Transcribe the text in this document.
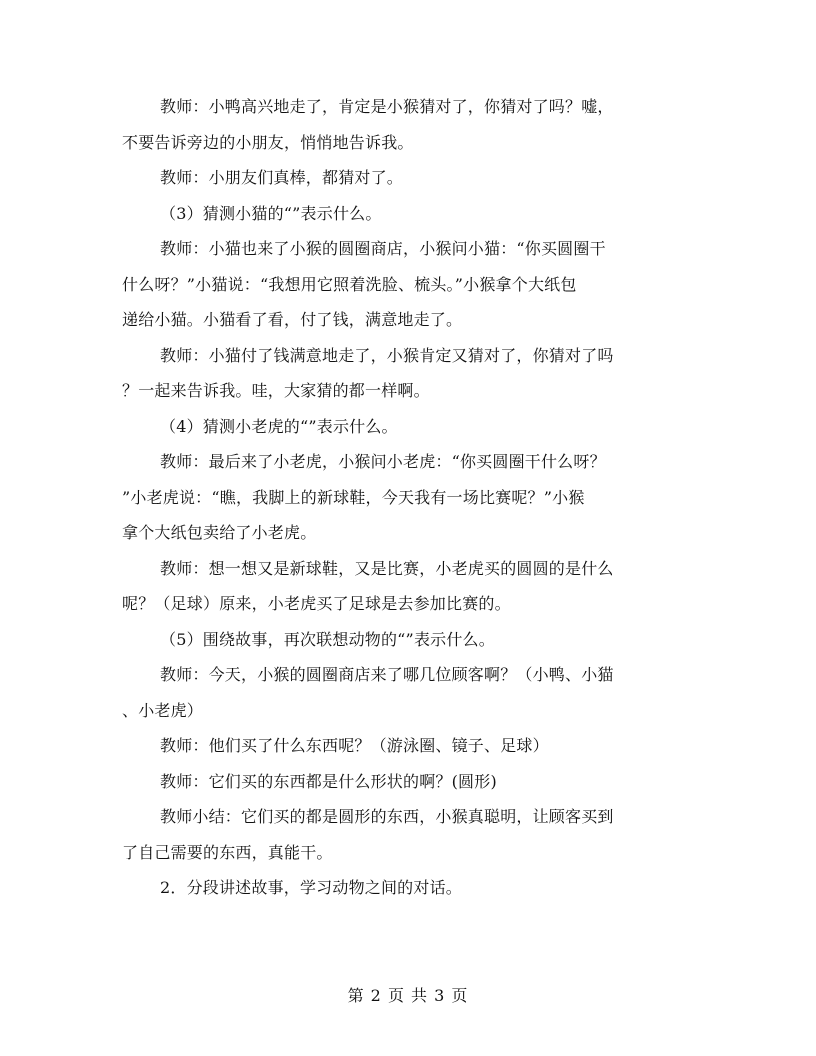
教师：小鸭高兴地走了，肯定是小猴猜对了，你猜对了吗？嘘，

不要告诉旁边的小朋友，悄悄地告诉我。

教师：小朋友们真棒，都猜对了。

（3）猜测小猫的“”表示什么。

教师：小猫也来了小猴的圆圈商店，小猴问小猫：“你买圆圈干

什么呀？”小猫说：“我想用它照着洗脸、梳头。”小猴拿个大纸包

递给小猫。小猫看了看，付了钱，满意地走了。

教师：小猫付了钱满意地走了，小猴肯定又猜对了，你猜对了吗

？一起来告诉我。哇，大家猜的都一样啊。

（4）猜测小老虎的“”表示什么。

教师：最后来了小老虎，小猴问小老虎：“你买圆圈干什么呀？

”小老虎说：“瞧，我脚上的新球鞋，今天我有一场比赛呢？”小猴

拿个大纸包卖给了小老虎。

教师：想一想又是新球鞋，又是比赛，小老虎买的圆圆的是什么

呢？（足球）原来，小老虎买了足球是去参加比赛的。

（5）围绕故事，再次联想动物的“”表示什么。

教师：今天，小猴的圆圈商店来了哪几位顾客啊？（小鸭、小猫

、小老虎）

教师：他们买了什么东西呢？（游泳圈、镜子、足球）

教师：它们买的东西都是什么形状的啊？(圆形)

教师小结：它们买的都是圆形的东西，小猴真聪明，让顾客买到

了自己需要的东西，真能干。

2．分段讲述故事，学习动物之间的对话。

第 2 页 共 3 页
